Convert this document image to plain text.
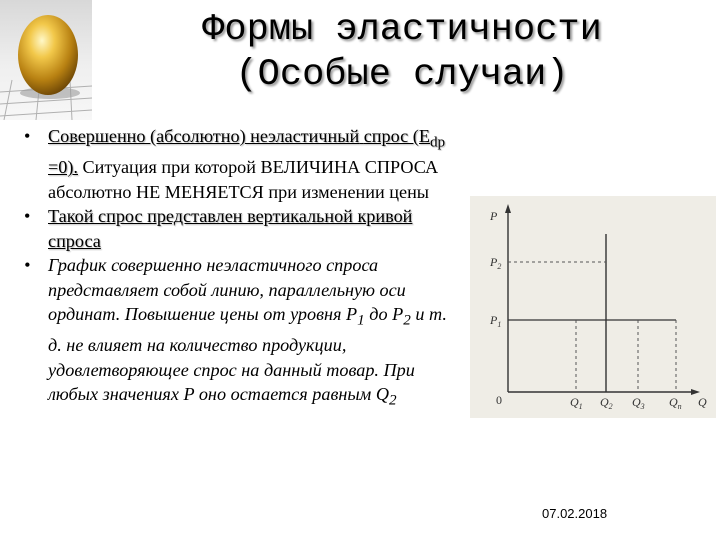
Формы эластичности
(Особые случаи)
• Совершенно (абсолютно) неэластичный спрос $(E_{dp} =0)$. Ситуация при которой ВЕЛИЧИНА СПРОСА абсолютно НЕ МЕНЯЕТСЯ при изменении цены
• Такой спрос представлен вертикальной кривой спроса
• График совершенно неэластичного спроса представляет собой линию, параллельную оси ординат. Повышение цены от уровня $P_1$ до $P_2$ и т. д. не влияет на количество продукции, удовлетворяющее спрос на данный товар. При любых значениях P оно остается равным $Q_2$
P
$P_2$
$P_1$
0	$Q_1$ $Q_2$ $Q_3$ $Q_n$ Q
07.02.2018
